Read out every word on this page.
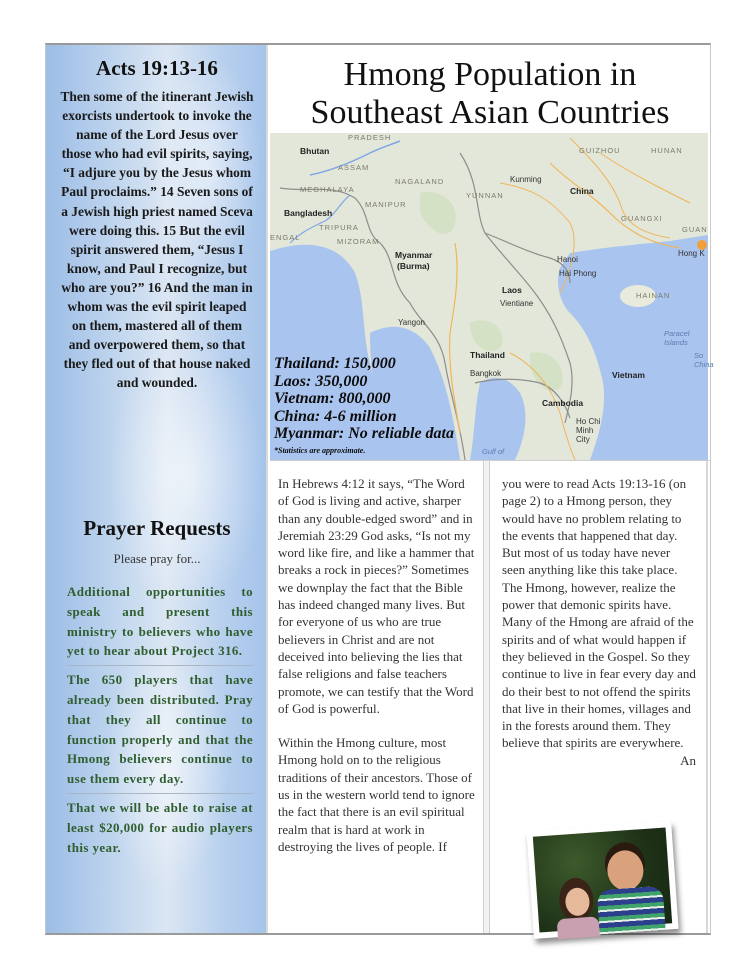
Acts 19:13-16
Then some of the itinerant Jewish exorcists undertook to invoke the name of the Lord Jesus over those who had evil spirits, saying, “I adjure you by the Jesus whom Paul proclaims.” 14 Seven sons of a Jewish high priest named Sceva were doing this. 15 But the evil spirit answered them, “Jesus I know, and Paul I recognize, but who are you?” 16 And the man in whom was the evil spirit leaped on them, mastered all of them and overpowered them, so that they fled out of that house naked and wounded.
Prayer Requests
Please pray for...
Additional opportunities to speak and present this ministry to believers who have yet to hear about Project 316.
The 650 players that have already been distributed. Pray that they all continue to function properly and that the Hmong believers continue to use them every day.
That we will be able to raise at least $20,000 for audio players this year.
Hmong Population in
Southeast Asian Countries
PRADESH
Bhutan
ASSAM
NAGALAND
MEGHALAYA
MANIPUR
Bangladesh
TRIPURA
ENGAL	MIZORAM
Myanmar
(Burma)
YUNNAN
Kunming
China
GUIZHOU	HUNAN
GUANGXI
GUAN
Hong K
Hanoi
Hai Phong
HAINAN
Laos
Vientiane
Yangon
Thailand
Bangkok	Vietnam
Cambodia
Ho Chi Minh City
Paracel Islands
Gulf of
So China
Thailand: 150,000
Laos: 350,000
Vietnam: 800,000
China: 4-6 million
Myanmar: No reliable data
*Statistics are approximate.

In Hebrews 4:12 it says, “The Word of God is living and active, sharper than any double-edged sword” and in Jeremiah 23:29 God asks, “Is not my word like fire, and like a hammer that breaks a rock in pieces?” Sometimes we downplay the fact that the Bible has indeed changed many lives. But for everyone of us who are true believers in Christ and are not deceived into believing the lies that false religions and false teachers promote, we can testify that the Word of God is powerful.

Within the Hmong culture, most Hmong hold on to the religious traditions of their ancestors. Those of us in the western world tend to ignore the fact that there is an evil spiritual realm that is hard at work in destroying the lives of people. If

you were to read Acts 19:13-16 (on page 2) to a Hmong person, they would have no problem relating to the events that happened that day. But most of us today have never seen anything like this take place. The Hmong, however, realize the power that demonic spirits have. Many of the Hmong are afraid of the spirits and of what would happen if they believed in the Gospel. So they continue to live in fear every day and do their best to not offend the spirits that live in their homes, villages and in the forests around them. They believe that spirits are everywhere.

An
